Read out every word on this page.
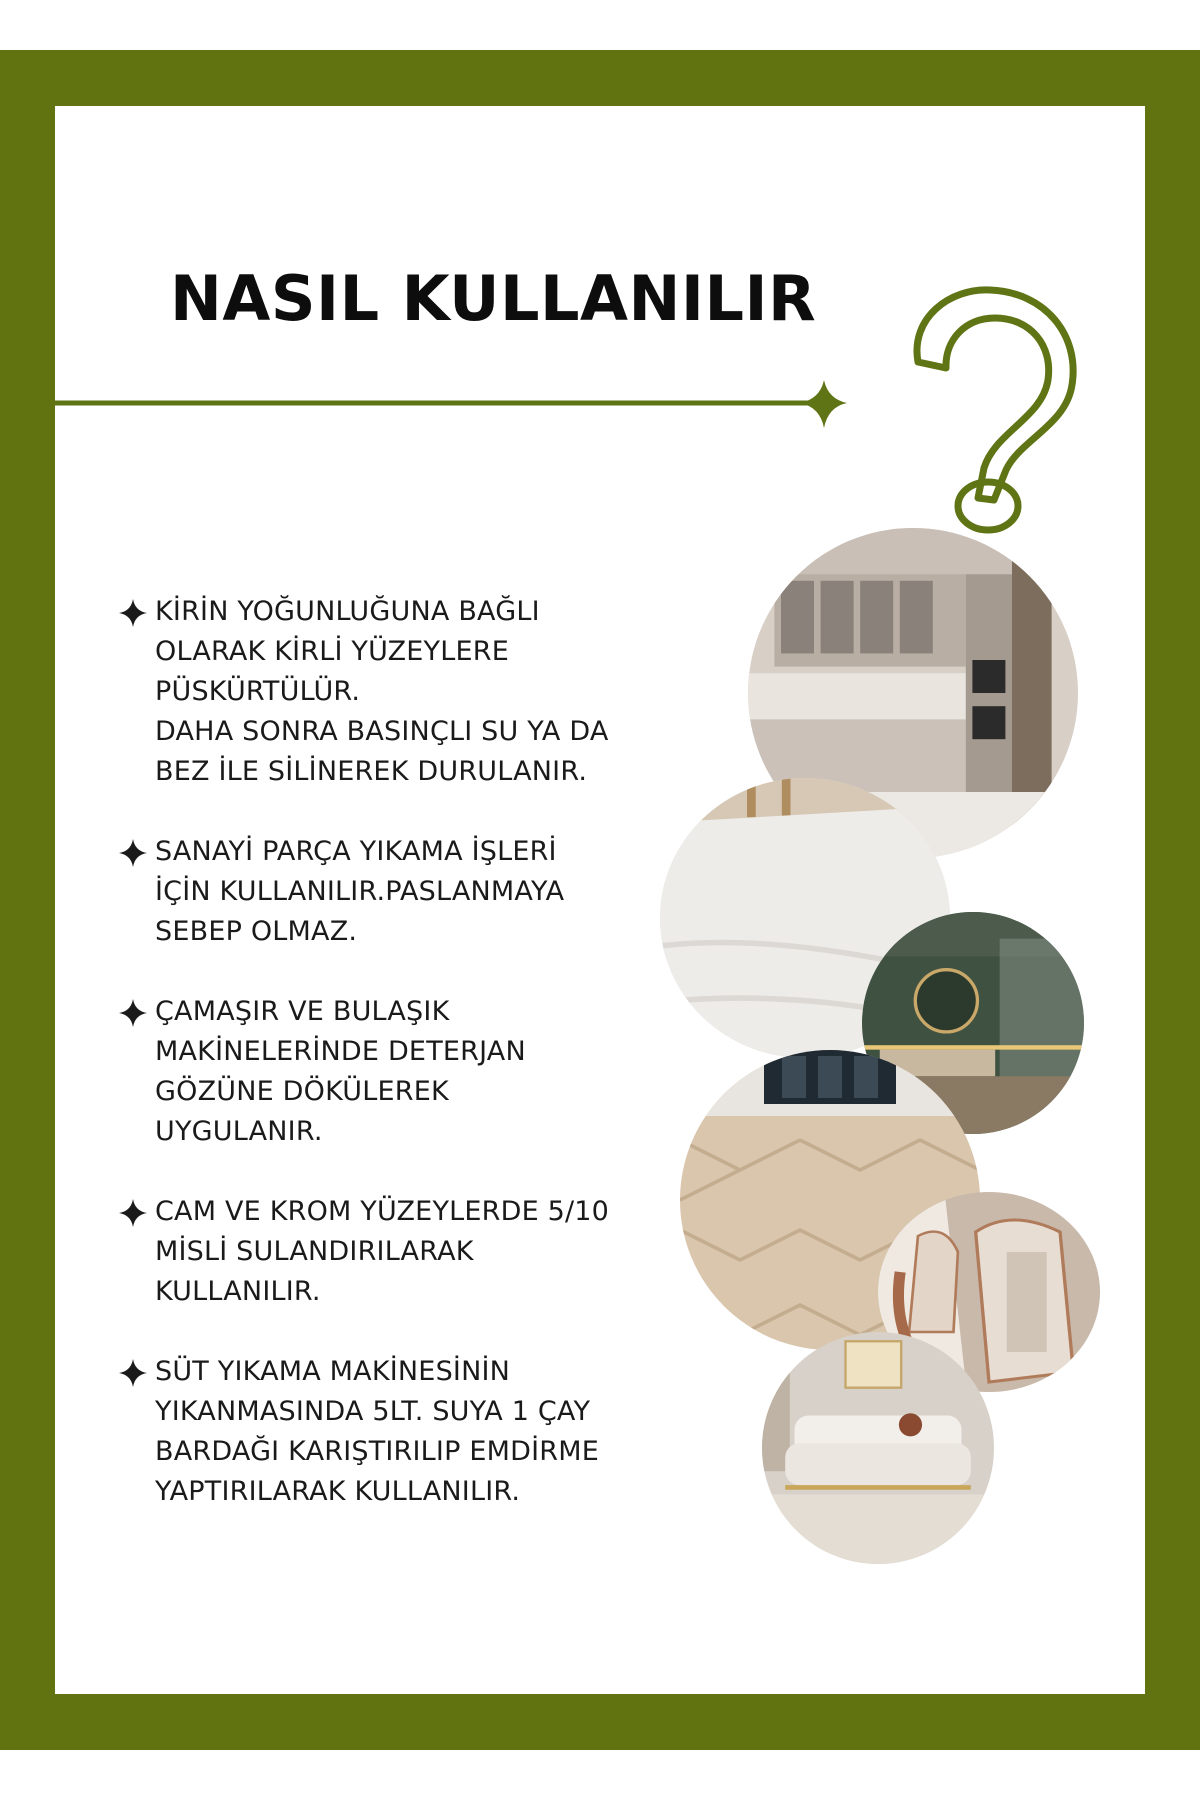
NASIL KULLANILIR
KİRİN YOĞUNLUĞUNA BAĞLI
OLARAK KİRLİ YÜZEYLERE
PÜSKÜRTÜLÜR.
DAHA SONRA BASINÇLI SU YA DA
BEZ İLE SİLİNEREK DURULANIR.
SANAYİ PARÇA YIKAMA İŞLERİ
İÇİN KULLANILIR.PASLANMAYA
SEBEP OLMAZ.
ÇAMAŞIR VE BULAŞIK
MAKİNELERİNDE DETERJAN
GÖZÜNE DÖKÜLEREK
UYGULANIR.
CAM VE KROM YÜZEYLERDE 5/10
MİSLİ SULANDIRILARAK
KULLANILIR.
SÜT YIKAMA MAKİNESİNİN
YIKANMASINDA 5LT. SUYA 1 ÇAY
BARDAĞI KARIŞTIRILIP EMDİRME
YAPTIRILARAK KULLANILIR.
